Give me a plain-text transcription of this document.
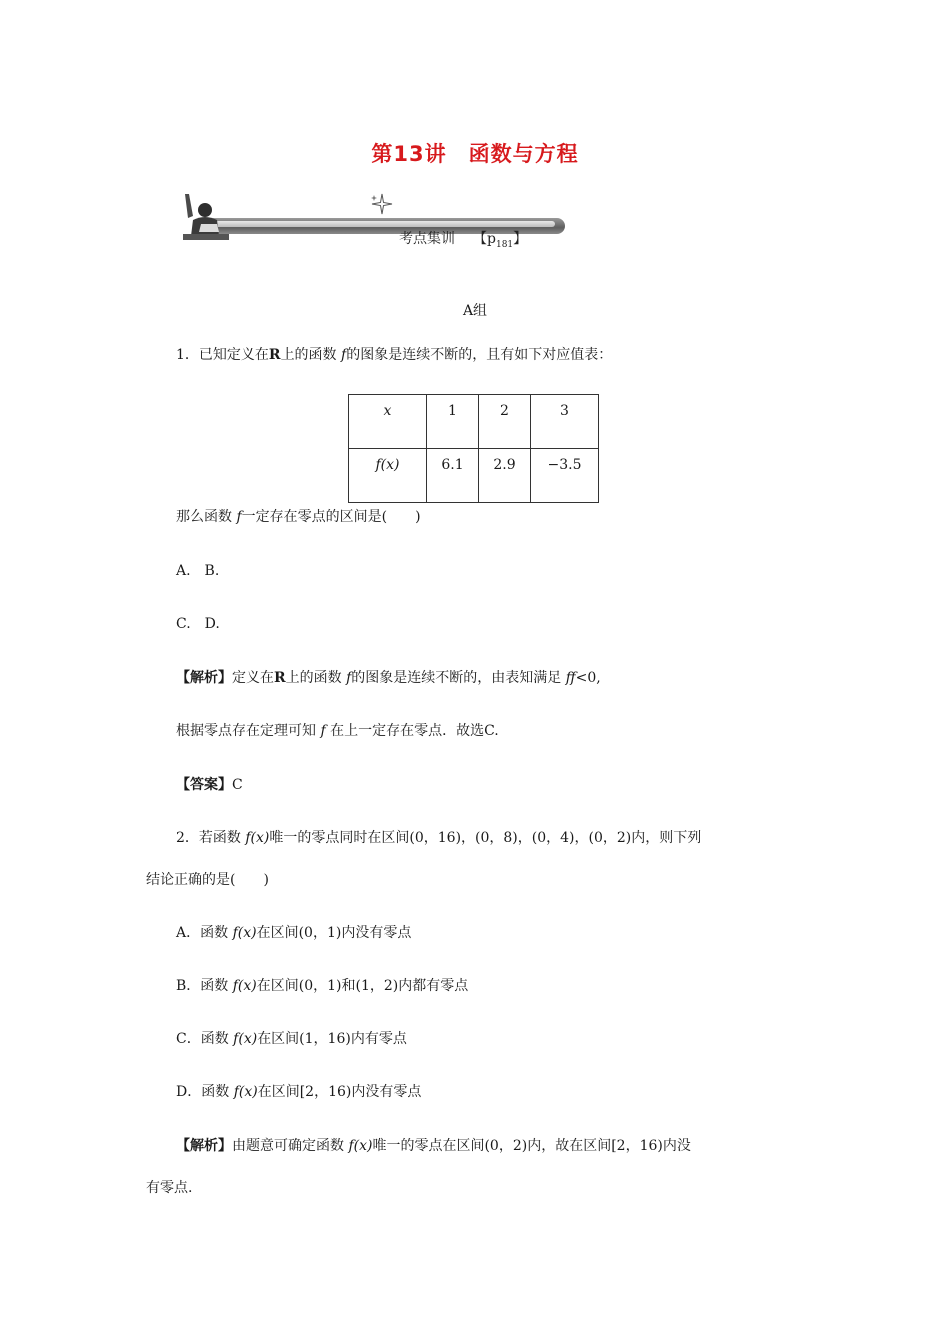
第13讲 函数与方程
考点集训 【$p_{181}$】
A组
1．已知定义在R上的函数 f的图象是连续不断的，且有如下对应值表：
x	1	2	3
f(x)	6.1	2.9	−3.5
那么函数 f一定存在零点的区间是(　　)
A.　B.
C.　D.
【解析】定义在R上的函数 f的图象是连续不断的，由表知满足 ff<0,
根据零点存在定理可知 f 在上一定存在零点．故选C.
【答案】C
2．若函数 f(x)唯一的零点同时在区间(0，16)，(0，8)，(0，4)，(0，2)内，则下列
结论正确的是(　　)
A．函数 f(x)在区间(0，1)内没有零点
B．函数 f(x)在区间(0，1)和(1，2)内都有零点
C．函数 f(x)在区间(1，16)内有零点
D．函数 f(x)在区间[2，16)内没有零点
【解析】由题意可确定函数 f(x)唯一的零点在区间(0，2)内，故在区间[2，16)内没
有零点.
